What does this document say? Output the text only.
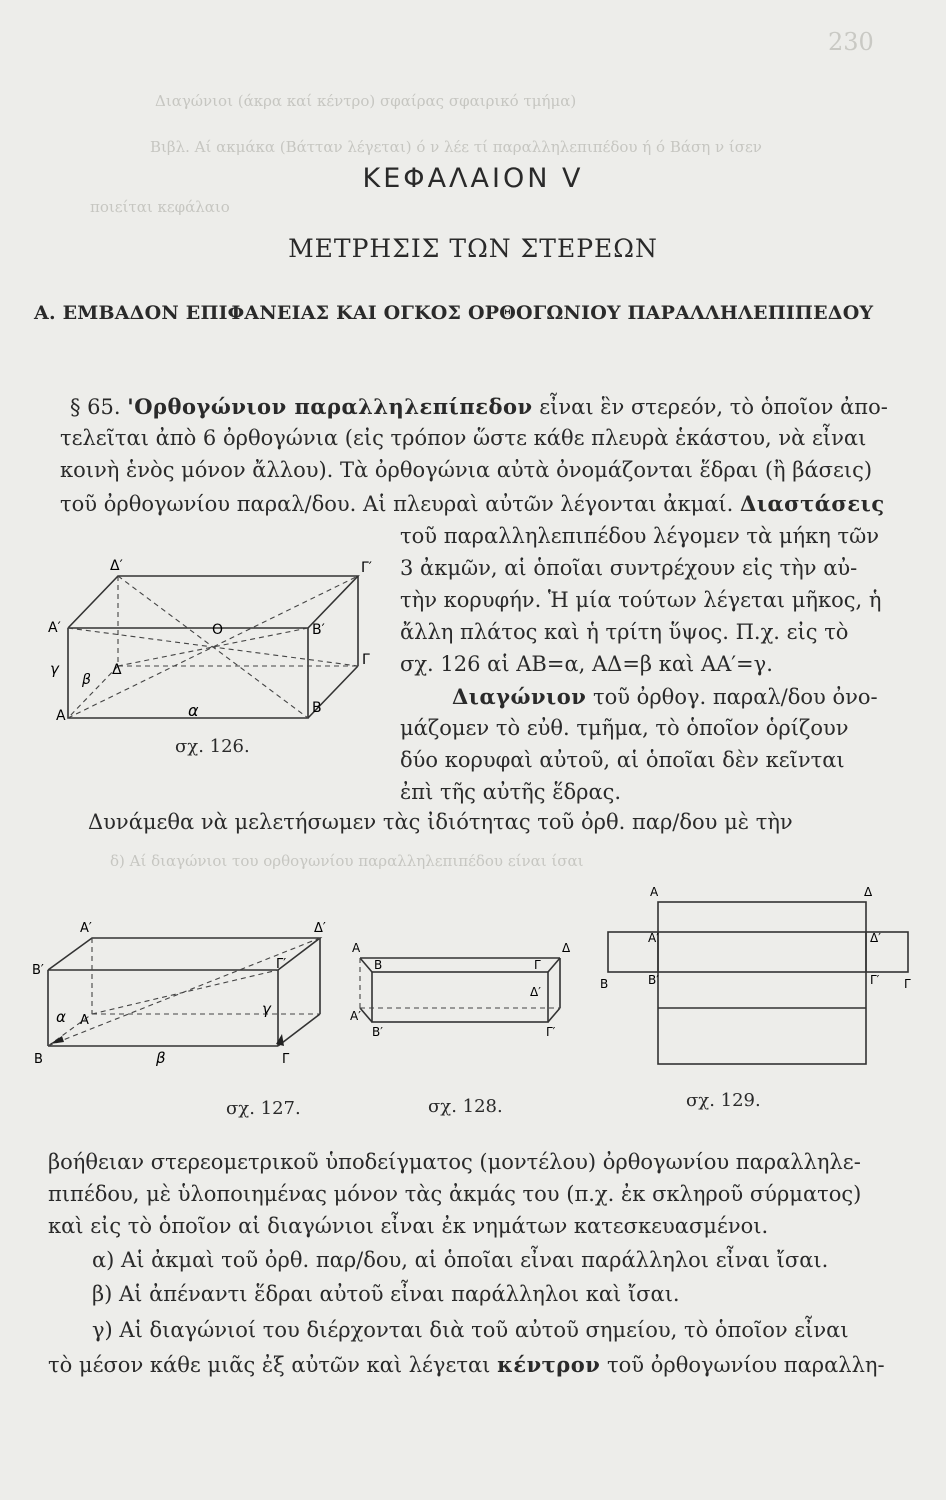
230
Διαγώνιοι (άκρα καί κέντρο) σφαίρας σφαιρικό τμήμα)
Βιβλ. Αί ακμάκα (Βάτταν λέγεται) ό ν λέε τί παραλληλεπιπέδου ή ό Βάση ν ίσεν
ποιείται κεφάλαιο
δ) Αί διαγώνιοι του ορθογωνίου παραλληλεπιπέδου είναι ίσαι
ΚΕΦΑΛΑΙΟΝ V
ΜΕΤΡΗΣΙΣ ΤΩΝ ΣΤΕΡΕΩΝ
Α. ΕΜΒΑΔΟΝ ΕΠΙΦΑΝΕΙΑΣ ΚΑΙ ΟΓΚΟΣ ΟΡΘΟΓΩΝΙΟΥ ΠΑΡΑΛΛΗΛΕΠΙΠΕΔΟΥ
§ 65. 'Ορθογώνιον παραλληλεπίπεδον εἶναι ἓν στερεόν, τὸ ὁποῖον ἀπο-
τελεῖται ἀπὸ 6 ὀρθογώνια (εἰς τρόπον ὥστε κάθε πλευρὰ ἑκάστου, νὰ εἶναι
κοινὴ ἑνὸς μόνον ἄλλου). Τὰ ὀρθογώνια αὐτὰ ὀνομάζονται ἕδραι (ἢ βάσεις)
τοῦ ὀρθογωνίου παραλ/δου. Αἱ πλευραὶ αὐτῶν λέγονται ἀκμαί. Διαστάσεις
τοῦ παραλληλεπιπέδου λέγομεν τὰ μήκη τῶν
3 ἀκμῶν, αἱ ὁποῖαι συντρέχουν εἰς τὴν αὐ-
τὴν κορυφήν. Ἡ μία τούτων λέγεται μῆκος, ἡ
ἄλλη πλάτος καὶ ἡ τρίτη ὕψος. Π.χ. εἰς τὸ
σχ. 126 αἱ ΑΒ=α, ΑΔ=β καὶ ΑΑ′=γ.
Διαγώνιον τοῦ ὀρθογ. παραλ/δου ὀνο-
μάζομεν τὸ εὐθ. τμῆμα, τὸ ὁποῖον ὁρίζουν
δύο κορυφαὶ αὐτοῦ, αἱ ὁποῖαι δὲν κεῖνται
ἐπὶ τῆς αὐτῆς ἕδρας.
Δυνάμεθα νὰ μελετήσωμεν τὰς ἰδιότητας τοῦ ὀρθ. παρ/δου μὲ τὴν
Δ′	Γ′
A′	B′
O
Γ
Δ
γ
β
A	B
α
σχ. 126.
Δ′
A′
B′	Γ′
γ
α A
B	β	Γ
σχ. 127.
A	Δ
B	Γ
A′
B′	Γ′
Δ′
σχ. 128.
A	Δ
A′	Δ′
B	B′	Γ′ Γ
σχ. 129.
βοήθειαν στερεομετρικοῦ ὑποδείγματος (μοντέλου) ὀρθογωνίου παραλληλε-
πιπέδου, μὲ ὑλοποιημένας μόνον τὰς ἀκμάς του (π.χ. ἐκ σκληροῦ σύρματος)
καὶ εἰς τὸ ὁποῖον αἱ διαγώνιοι εἶναι ἐκ νημάτων κατεσκευασμένοι.
α) Αἱ ἀκμαὶ τοῦ ὀρθ. παρ/δου, αἱ ὁποῖαι εἶναι παράλληλοι εἶναι ἴσαι.
β) Αἱ ἀπέναντι ἕδραι αὐτοῦ εἶναι παράλληλοι καὶ ἴσαι.
γ) Αἱ διαγώνιοί του διέρχονται διὰ τοῦ αὐτοῦ σημείου, τὸ ὁποῖον εἶναι
τὸ μέσον κάθε μιᾶς ἐξ αὐτῶν καὶ λέγεται κέντρον τοῦ ὀρθογωνίου παραλλη-
